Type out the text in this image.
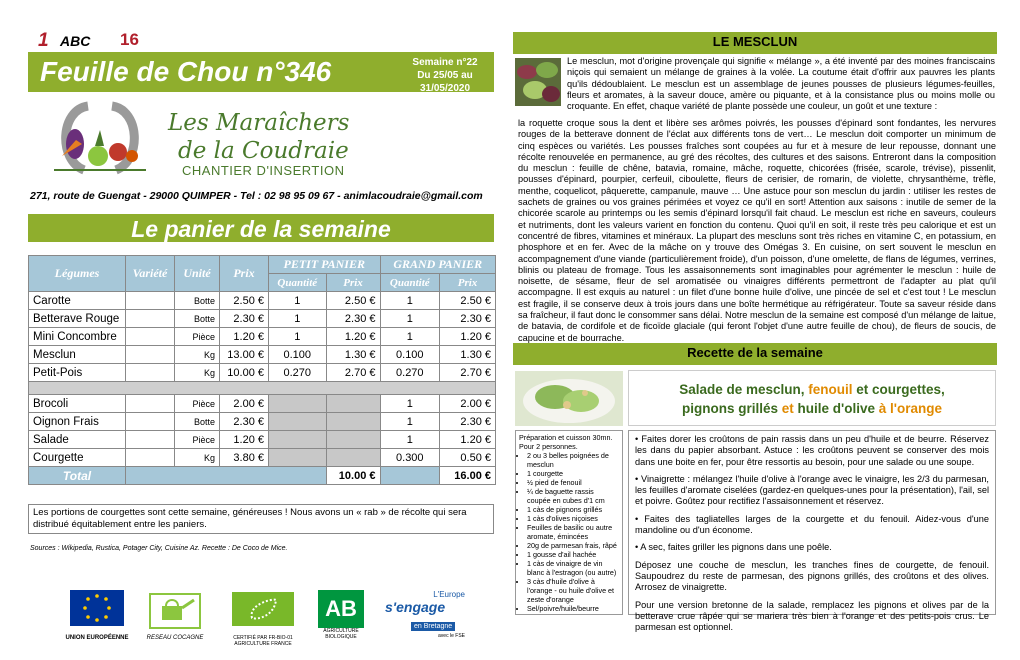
1 ABC 16
Feuille de Chou n°346	Semaine n°22
Du 25/05 au 31/05/2020
Les Maraîchers
de la Coudraie
CHANTIER D'INSERTION
271, route de Guengat - 29000 QUIMPER - Tel : 02 98 95 09 67 - animlacoudraie@gmail.com
Le panier de la semaine
Légumes	Variété	Unité	Prix	PETIT PANIER		GRAND PANIER	
				Quantité	Prix	Quantité	Prix
Carotte		Botte	2.50 €	1	2.50 €	1	2.50 €
Betterave Rouge		Botte	2.30 €	1	2.30 €	1	2.30 €
Mini Concombre		Pièce	1.20 €	1	1.20 €	1	1.20 €
Mesclun		Kg	13.00 €	0.100	1.30 €	0.100	1.30 €
Petit-Pois		Kg	10.00 €	0.270	2.70 €	0.270	2.70 €

Brocoli		Pièce	2.00 €			1	2.00 €
Oignon Frais		Botte	2.30 €			1	2.30 €
Salade		Pièce	1.20 €			1	1.20 €
Courgette		Kg	3.80 €			0.300	0.50 €
Total					10.00 €		16.00 €
Les portions de courgettes sont cette semaine, généreuses ! Nous avons un « rab » de récolte qui sera distribué équitablement entre les paniers.
Sources : Wikipedia, Rustica, Potager City, Cuisine Az. Recette : De Coco de Mice.
UNION EUROPÉENNE	RESEAU COCAGNE	CERTIFIÉ PAR FR-BIO-01 AGRICULTURE FRANCE
AB
AGRICULTURE BIOLOGIQUE
L'Europe
s'engage
en Bretagne
avec le FSE
LE MESCLUN
Le mesclun, mot d'origine provençale qui signifie « mélange », a été inventé par des moines franciscains niçois qui semaient un mélange de graines à la volée. La coutume était d'offrir aux pauvres les plants qu'ils dédoublaient. Le mesclun est un assemblage de jeunes pousses de plusieurs légumes-feuilles, fleurs et aromates, à la saveur douce, amère ou piquante, et à la consistance plus ou moins molle ou croquante. En effet, chaque variété de plante possède une couleur, un goût et une texture :
la roquette croque sous la dent et libère ses arômes poivrés, les pousses d'épinard sont fondantes, les nervures rouges de la betterave donnent de l'éclat aux différents tons de vert… Le mesclun doit comporter un minimum de cinq espèces ou variétés. Les pousses fraîches sont coupées au fur et à mesure de leur repousse, donnant une récolte renouvelée en permanence, au gré des récoltes, des cultures et des saisons. Entreront dans la composition du mesclun : feuille de chêne, batavia, romaine, mâche, roquette, chicorées (frisée, scarole, trévise), pissenlit, pousses d'épinard, pourpier, cerfeuil, ciboulette, fleurs de cerisier, de romarin, de violette, chrysanthème, trèfle, menthe, coquelicot, pâquerette, campanule, mauve … Une astuce pour son mesclun du jardin : utiliser les restes de sachets de graines ou vos graines périmées et voyez ce qu'il en sort! Attention aux saisons : inutile de semer de la chicorée scarole au printemps ou les semis d'épinard lorsqu'il fait chaud. Le mesclun est riche en saveurs, couleurs et nutriments, dont les valeurs varient en fonction du contenu. Quoi qu'il en soit, il reste très peu calorique et est un concentré de fibres, vitamines et minéraux. La plupart des mescluns sont très riches en vitamine C, en potassium, en phosphore et en fer. Avec de la mâche on y trouve des Omégas 3. En cuisine, on sert souvent le mesclun en accompagnement d'une viande (particulièrement froide), d'un poisson, d'une omelette, de flans de légumes, verrines, blinis ou plateau de fromage. Tous les assaisonnements sont imaginables pour agrémenter le mesclun : huile de noisette, de sésame, fleur de sel aromatisée ou vinaigres différents permettront de l'adapter au plat qu'il accompagne. Il est exquis au naturel : un filet d'une bonne huile d'olive, une pincée de sel et c'est tout ! Le mesclun est fragile, il se conserve deux à trois jours dans une boîte hermétique au réfrigérateur. Toute sa saveur réside dans sa fraîcheur, il faut donc le consommer sans délai. Notre mesclun de la semaine est composé d'un mélange de laitue, de batavia, de cordifole et de ficoïde glaciale (qui feront l'objet d'une autre feuille de chou), de fleurs de soucis, de capucine et de bourrache.
Recette de la semaine
Salade de mesclun, fenouil et courgettes,
pignons grillés et huile d'olive à l'orange
Préparation et cuisson 30mn. Pour 2 personnes.
• 2 ou 3 belles poignées de mesclun
• 1 courgette
• ½ pied de fenouil
• ¼ de baguette rassis coupée en cubes d'1 cm
• 1 càs de pignons grillés
• 1 càs d'olives niçoises
• Feuilles de basilic ou autre aromate, émincées
• 20g de parmesan frais, râpé
• 1 gousse d'ail hachée
• 1 càs de vinaigre de vin blanc à l'estragon (ou autre)
• 3 càs d'huile d'olive à l'orange - ou huile d'olive et zeste d'orange
• Sel/poivre/huile/beurre

• Faites dorer les croûtons de pain rassis dans un peu d'huile et de beurre. Réservez les dans du papier absorbant. Astuce : les croûtons peuvent se conserver des mois dans une boite en fer, pour être ressortis au besoin, pour une salade ou une soupe.

• Vinaigrette : mélangez l'huile d'olive à l'orange avec le vinaigre, les 2/3 du parmesan, les feuilles d'aromate ciselées (gardez-en quelques-unes pour la présentation), l'ail, sel et poivre. Goûtez pour rectifiez l'assaisonnement et réservez.

• Faites des tagliatelles larges de la courgette et du fenouil. Aidez-vous d'une mandoline ou d'un économe.

• A sec, faites griller les pignons dans une poêle.

Déposez une couche de mesclun, les tranches fines de courgette, de fenouil. Saupoudrez du reste de parmesan, des pignons grillés, des croûtons et des olives. Arrosez de vinaigrette.

Pour une version bretonne de la salade, remplacez les pignons et olives par de la betterave crue râpée qui se mariera très bien à l'orange et des petits-pois crus. Le parmesan est optionnel.
